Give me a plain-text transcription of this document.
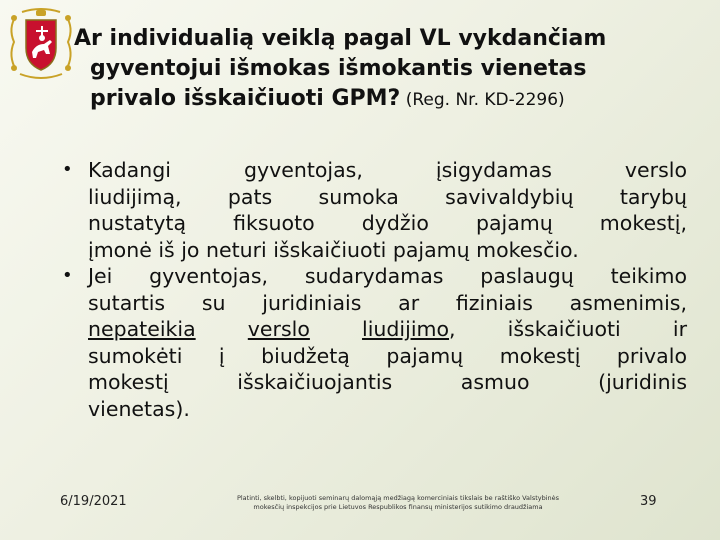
Ar individualią veiklą pagal VL vykdančiam
gyventojui išmokas išmokantis vienetas
privalo išskaičiuoti GPM? (Reg. Nr. KD-2296)
• Kadangi gyventojas, įsigydamas verslo
liudijimą, pats sumoka savivaldybių tarybų
nustatytą fiksuoto dydžio pajamų mokestį,
įmonė iš jo neturi išskaičiuoti pajamų mokesčio.
• Jei gyventojas, sudarydamas paslaugų teikimo
sutartis su juridiniais ar fiziniais asmenimis,
nepateikia	verslo	liudijimo, išskaičiuoti ir
sumokėti į biudžetą pajamų mokestį privalo
mokestį išskaičiuojantis asmuo (juridinis
vienetas).
6/19/2021	Platinti, skelbti, kopijuoti seminarų dalomąją medžiagą komerciniais tikslais be raštiško Valstybinės
mokesčių inspekcijos prie Lietuvos Respublikos finansų ministerijos sutikimo draudžiama	39
